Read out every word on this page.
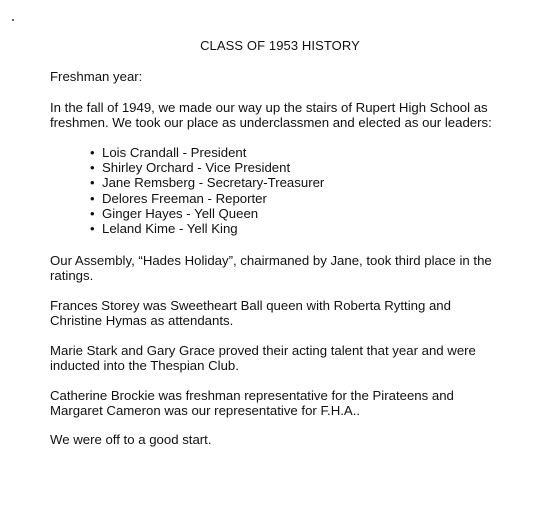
CLASS OF 1953 HISTORY
Freshman year:

In the fall of 1949, we made our way up the stairs of Rupert High School as freshmen. We took our place as underclassmen and elected as our leaders:

• Lois Crandall - President
• Shirley Orchard - Vice President
• Jane Remsberg - Secretary-Treasurer
• Delores Freeman - Reporter
• Ginger Hayes - Yell Queen
• Leland Kime - Yell King

Our Assembly, “Hades Holiday”, chairmaned by Jane, took third place in the ratings.

Frances Storey was Sweetheart Ball queen with Roberta Rytting and Christine Hymas as attendants.

Marie Stark and Gary Grace proved their acting talent that year and were inducted into the Thespian Club.

Catherine Brockie was freshman representative for the Pirateens and Margaret Cameron was our representative for F.H.A..

We were off to a good start.
